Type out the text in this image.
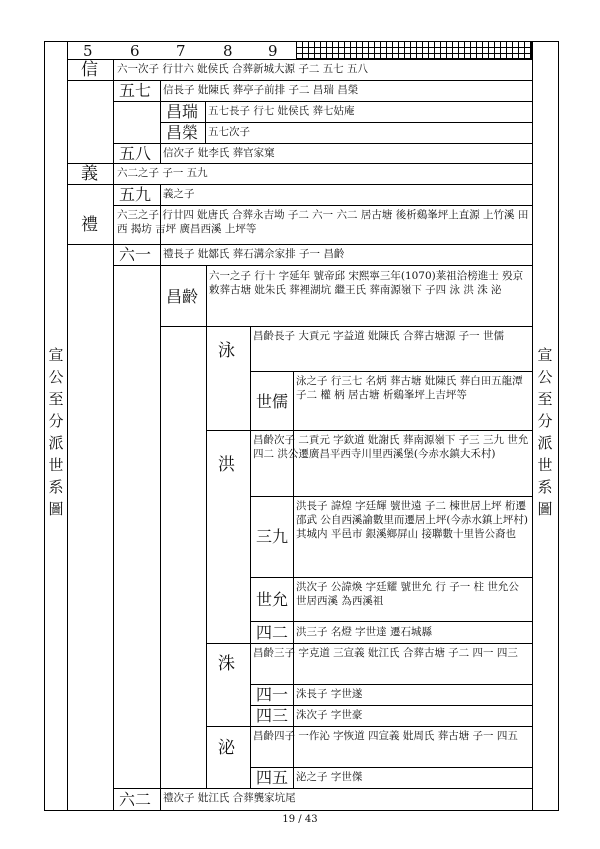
5 6 7 8 9
宣公至分派世系圖
宣公至分派世系圖
信
五七
昌瑞
昌榮
五八
義
五九
禮
六一
昌齡
泳
世儒
洪
三九
世允
四二
洙
四一
四三
泌
四五
六二
六一次子 行廿六 妣侯氏 合葬新城大源 子二 五七 五八
信長子 妣陳氏 葬亭子前排 子二 昌瑞 昌榮
五七長子 行七 妣侯氏 葬七姑庵
五七次子
信次子 妣李氏 葬官家窠
六二之子 子一 五九
義之子
六三之子 行廿四 妣唐氏 合葬永吉坳 子二 六一 六二 居古塘 後析鷄峯坪上直源 上竹溪 田西 揭坊 吉坪 廣昌西溪 上坪等
禮長子 妣鄒氏 葬石溝佘家排 子一 昌齡
六一之子 行十 字延年 號帝邱 宋熙寧三年(1070)莱祖洽榜進士 殁京 敕葬古塘 妣朱氏 葬裡湖坑 繼王氏 葬南源嶺下 子四 泳 洪 洙 泌
昌齡長子 大貢元 字益道 妣陳氏 合葬古塘源 子一 世儒
泳之子 行三七 名炳 葬古塘 妣陳氏 葬白田五龍潭 子二 權 柄 居古塘 析鷄峯坪上吉坪等
昌齡次子 二貢元 字欽道 妣謝氏 葬南源嶺下 子三 三九 世允 四二 洪公遷廣昌平西寺川里西溪堡(今赤水鎮大禾村)
洪長子 諱煌 字廷輝 號世遠 子二 棟世居上坪 桁遷邵武 公自西溪諭數里而遷居上坪(今赤水鎮上坪村) 其城内 平邑市 銀溪鄉屏山 接聯數十里皆公裔也
洪次子 公諱煥 字廷耀 號世允 行 子一 柱 世允公世居西溪 為西溪祖
洪三子 名燈 字世達 遷石城縣
昌齡三子 字克道 三宣義 妣江氏 合葬古塘 子二 四一 四三
洙長子 字世遂
洙次子 字世豪
昌齡四子 一作沁 字恢道 四宣義 妣周氏 葬古塘 子一 四五
泌之子 字世傑
禮次子 妣江氏 合葬龔家坑尾
19 / 43
